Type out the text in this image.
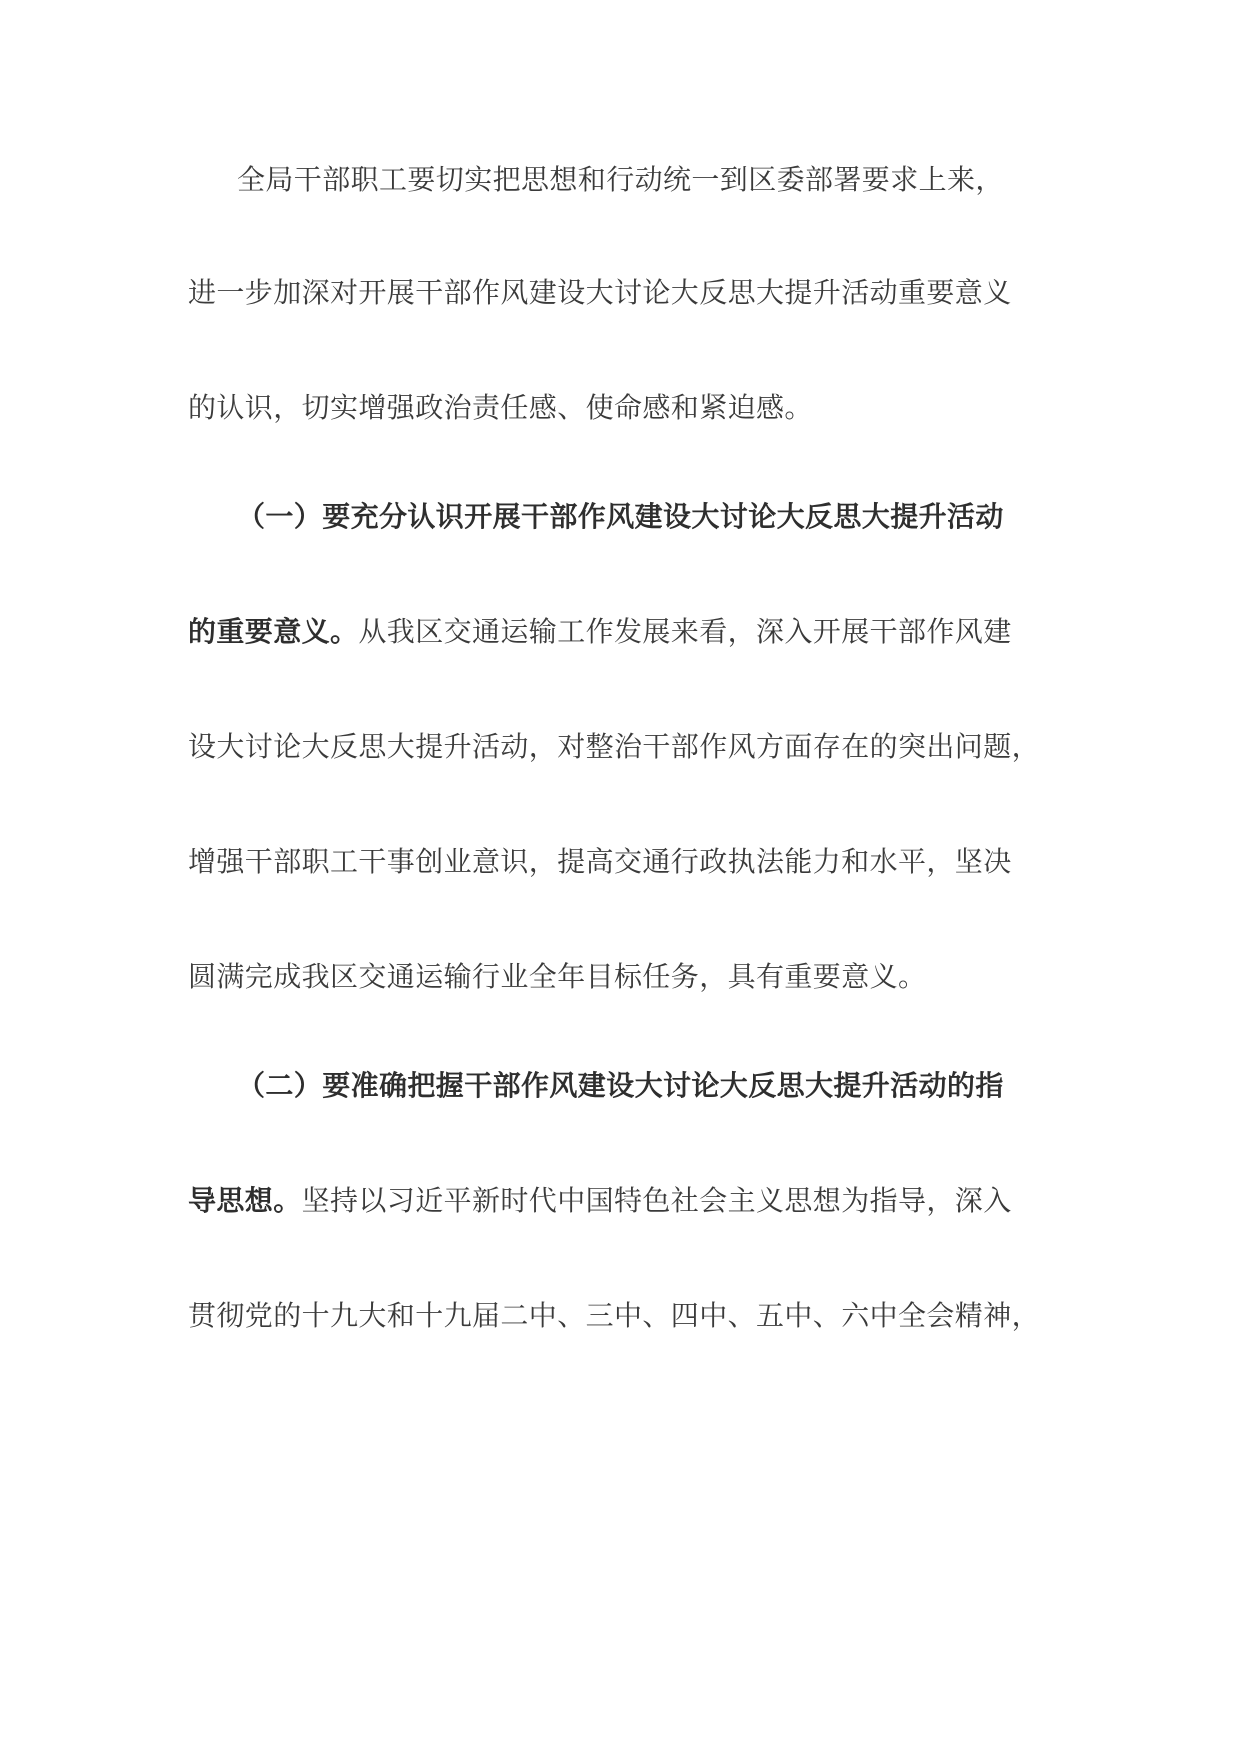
全局干部职工要切实把思想和行动统一到区委部署要求上来，
进一步加深对开展干部作风建设大讨论大反思大提升活动重要意义
的认识，切实增强政治责任感、使命感和紧迫感。
（一）要充分认识开展干部作风建设大讨论大反思大提升活动
的重要意义。从我区交通运输工作发展来看，深入开展干部作风建
设大讨论大反思大提升活动，对整治干部作风方面存在的突出问题，
增强干部职工干事创业意识，提高交通行政执法能力和水平，坚决
圆满完成我区交通运输行业全年目标任务，具有重要意义。
（二）要准确把握干部作风建设大讨论大反思大提升活动的指
导思想。坚持以习近平新时代中国特色社会主义思想为指导，深入
贯彻党的十九大和十九届二中、三中、四中、五中、六中全会精神，
